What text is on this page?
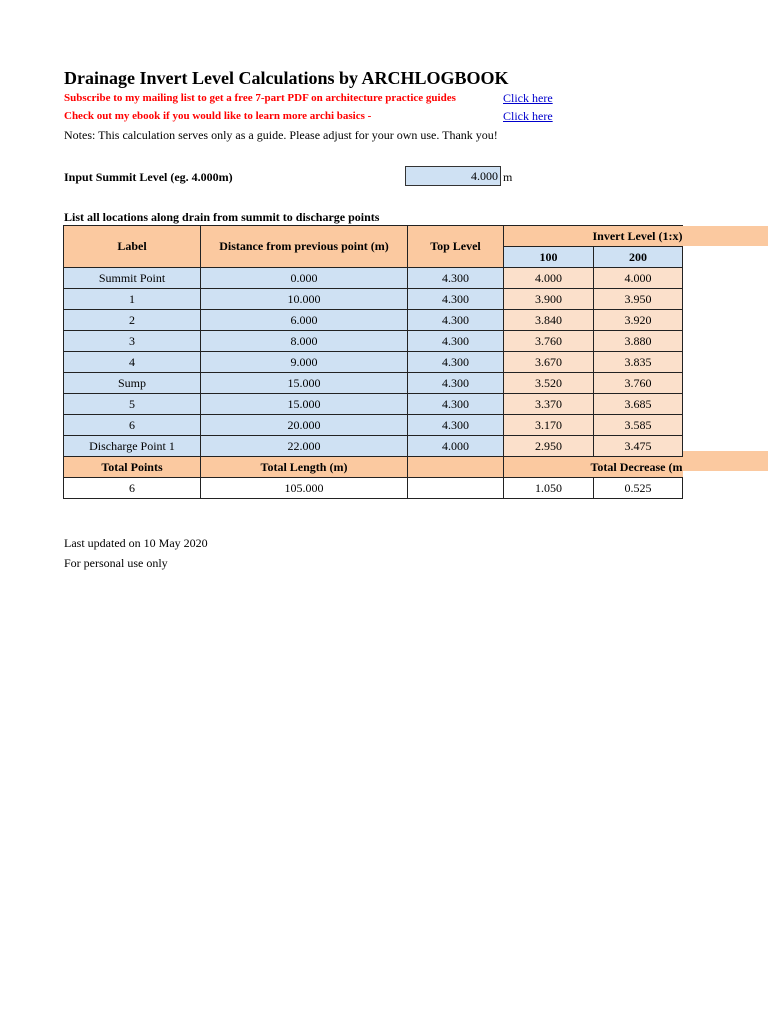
Drainage Invert Level Calculations by ARCHLOGBOOK
Subscribe to my mailing list to get a free 7-part PDF on architecture practice guides
Check out my ebook if you would like to learn more archi basics -
Click here
Click here
Notes: This calculation serves only as a guide. Please adjust for your own use. Thank you!
Input Summit Level (eg. 4.000m)	4.000 m
List all locations along drain from summit to discharge points
Label	Distance from previous point (m)	Top Level	Invert Level (1:x)	
			100	200
Summit Point	0.000	4.300	4.000	4.000
1	10.000	4.300	3.900	3.950
2	6.000	4.300	3.840	3.920
3	8.000	4.300	3.760	3.880
4	9.000	4.300	3.670	3.835
Sump	15.000	4.300	3.520	3.760
5	15.000	4.300	3.370	3.685
6	20.000	4.300	3.170	3.585
Discharge Point 1	22.000	4.000	2.950	3.475
Total Points	Total Length (m)		Total Decrease (m	
6	105.000		1.050	0.525
Last updated on 10 May 2020
For personal use only
